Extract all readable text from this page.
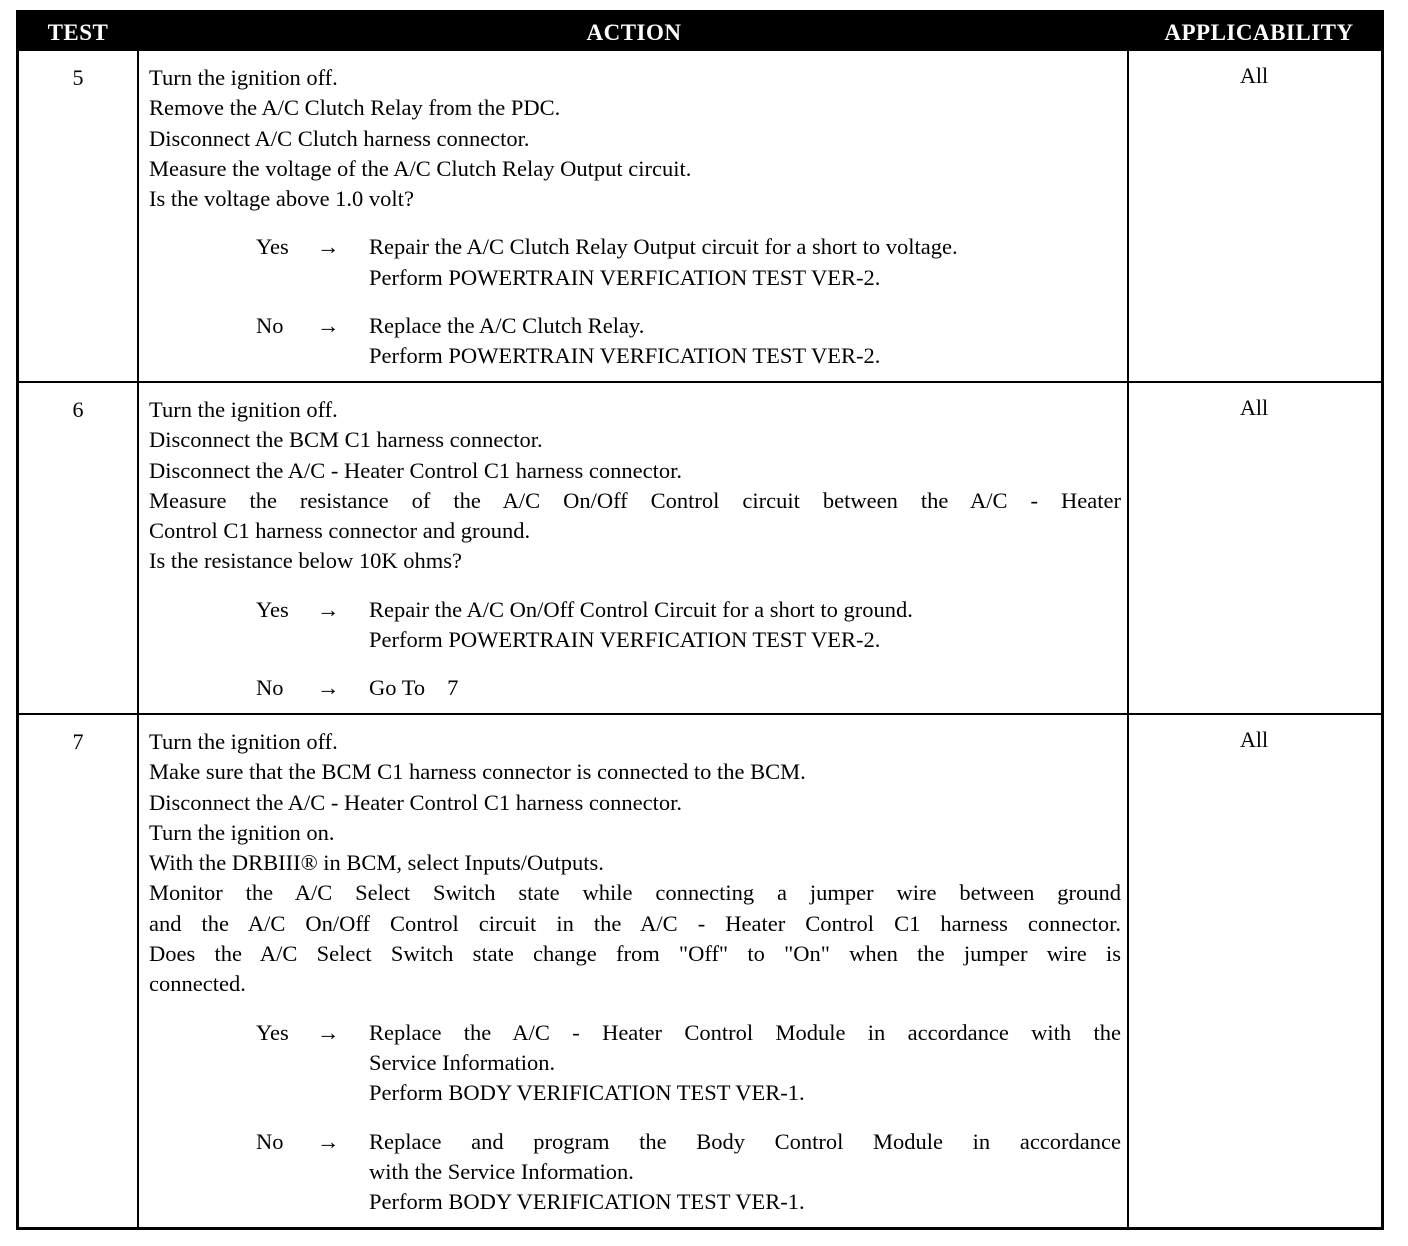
TEST	ACTION	APPLICABILITY
5	Turn the ignition off.
Remove the A/C Clutch Relay from the PDC.
Disconnect A/C Clutch harness connector.
Measure the voltage of the A/C Clutch Relay Output circuit.
Is the voltage above 1.0 volt?
Yes → Repair the A/C Clutch Relay Output circuit for a short to voltage.
Perform POWERTRAIN VERFICATION TEST VER-2.
No → Replace the A/C Clutch Relay.
Perform POWERTRAIN VERFICATION TEST VER-2.
All
6	Turn the ignition off.
Disconnect the BCM C1 harness connector.
Disconnect the A/C - Heater Control C1 harness connector.
Measure the resistance of the A/C On/Off Control circuit between the A/C - Heater
Control C1 harness connector and ground.
Is the resistance below 10K ohms?
Yes → Repair the A/C On/Off Control Circuit for a short to ground.
Perform POWERTRAIN VERFICATION TEST VER-2.
No → Go To 7
All
7	Turn the ignition off.
Make sure that the BCM C1 harness connector is connected to the BCM.
Disconnect the A/C - Heater Control C1 harness connector.
Turn the ignition on.
With the DRBIII® in BCM, select Inputs/Outputs.
Monitor the A/C Select Switch state while connecting a jumper wire between ground
and the A/C On/Off Control circuit in the A/C - Heater Control C1 harness connector.
Does the A/C Select Switch state change from "Off" to "On" when the jumper wire is
connected.
Yes → Replace the A/C - Heater Control Module in accordance with the
Service Information.
Perform BODY VERIFICATION TEST VER-1.
No → Replace and program the Body Control Module in accordance
with the Service Information.
Perform BODY VERIFICATION TEST VER-1.
All
